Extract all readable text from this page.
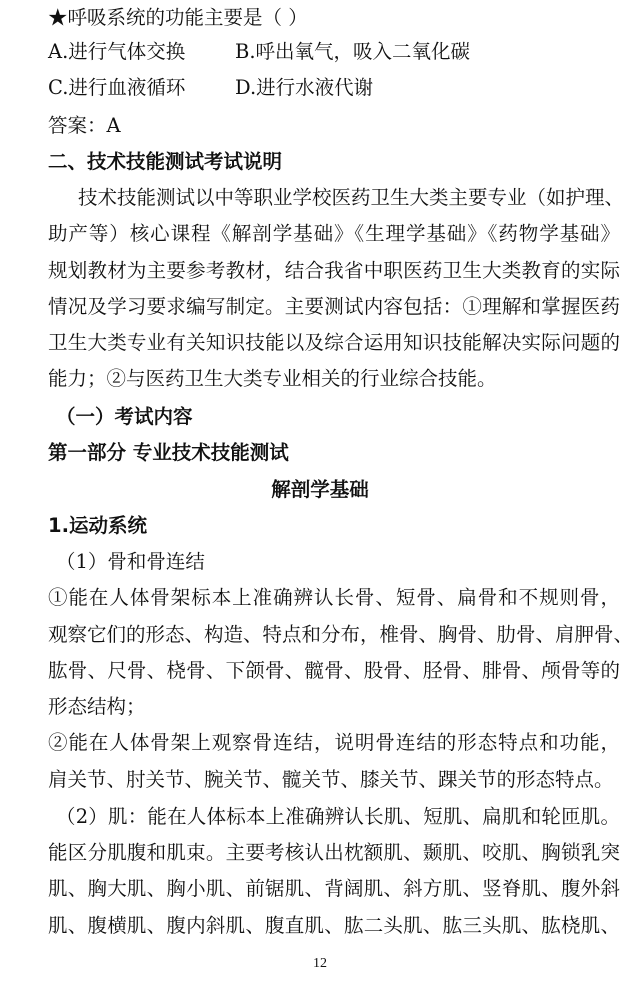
★呼吸系统的功能主要是（ ）
A.进行气体交换	B.呼出氧气，吸入二氧化碳
C.进行血液循环	D.进行水液代谢
答案：A
二、技术技能测试考试说明
技术技能测试以中等职业学校医药卫生大类主要专业（如护理、
助产等）核心课程《解剖学基础》《生理学基础》《药物学基础》
规划教材为主要参考教材，结合我省中职医药卫生大类教育的实际
情况及学习要求编写制定。主要测试内容包括：①理解和掌握医药
卫生大类专业有关知识技能以及综合运用知识技能解决实际问题的
能力；②与医药卫生大类专业相关的行业综合技能。
（一）考试内容
第一部分 专业技术技能测试
解剖学基础
1.运动系统
（1）骨和骨连结
①能在人体骨架标本上准确辨认长骨、短骨、扁骨和不规则骨，
观察它们的形态、构造、特点和分布，椎骨、胸骨、肋骨、肩胛骨、
肱骨、尺骨、桡骨、下颌骨、髋骨、股骨、胫骨、腓骨、颅骨等的
形态结构；
②能在人体骨架上观察骨连结，说明骨连结的形态特点和功能，
肩关节、肘关节、腕关节、髋关节、膝关节、踝关节的形态特点。
（2）肌：能在人体标本上准确辨认长肌、短肌、扁肌和轮匝肌。
能区分肌腹和肌束。主要考核认出枕额肌、颞肌、咬肌、胸锁乳突
肌、胸大肌、胸小肌、前锯肌、背阔肌、斜方肌、竖脊肌、腹外斜
肌、腹横肌、腹内斜肌、腹直肌、肱二头肌、肱三头肌、肱桡肌、
12
